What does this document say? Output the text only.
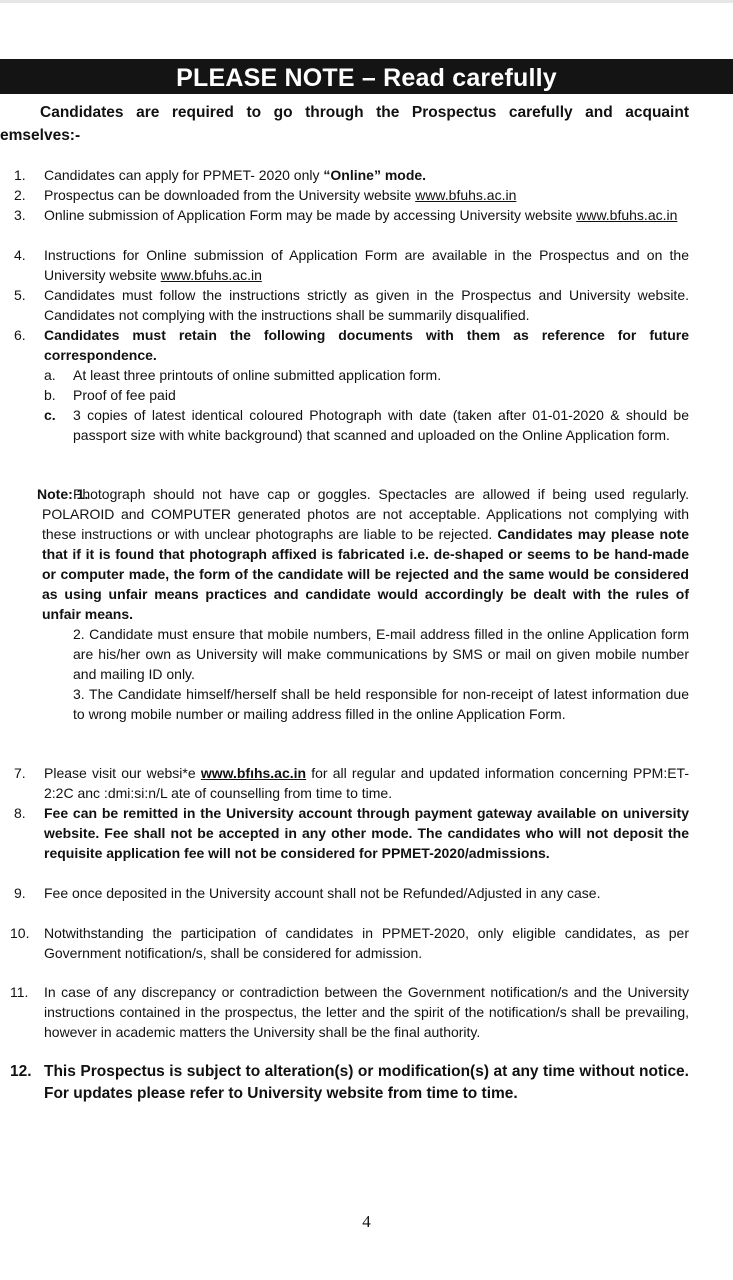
PLEASE NOTE – Read carefully
Candidates are required to go through the Prospectus carefully and acquaint
emselves:-
1. Candidates can apply for PPMET- 2020 only “Online” mode.
2. Prospectus can be downloaded from the University website www.bfuhs.ac.in
3. Online submission of Application Form may be made by accessing University website www.bfuhs.ac.in
4. Instructions for Online submission of Application Form are available in the Prospectus and on the University website www.bfuhs.ac.in
5. Candidates must follow the instructions strictly as given in the Prospectus and University website. Candidates not complying with the instructions shall be summarily disqualified.
6. Candidates must retain the following documents with them as reference for future correspondence.
a. At least three printouts of online submitted application form.
b. Proof of fee paid
c. 3 copies of latest identical coloured Photograph with date (taken after 01-01-2020 & should be passport size with white background) that scanned and uploaded on the Online Application form.
Note: 1.
Photograph should not have cap or goggles. Spectacles are allowed if being used regularly. POLAROID and COMPUTER generated photos are not acceptable. Applications not complying with these instructions or with unclear photographs are liable to be rejected. Candidates may please note that if it is found that photograph affixed is fabricated i.e. de-shaped or seems to be hand-made or computer made, the form of the candidate will be rejected and the same would be considered as using unfair means practices and candidate would accordingly be dealt with the rules of unfair means.
2. Candidate must ensure that mobile numbers, E-mail address filled in the online Application form are his/her own as University will make communications by SMS or mail on given mobile number and mailing ID only.
3. The Candidate himself/herself shall be held responsible for non-receipt of latest information due to wrong mobile number or mailing address filled in the online Application Form.
7. Please visit our websi*e www.bfıhs.ac.in for all regular and updated information concerning PPM:ET-2:2C anc :dmi:si:n/L ate of counselling from time to time.
8. Fee can be remitted in the University account through payment gateway available on university website. Fee shall not be accepted in any other mode. The candidates who will not deposit the requisite application fee will not be considered for PPMET-2020/admissions.
9. Fee once deposited in the University account shall not be Refunded/Adjusted in any case.
10. Notwithstanding the participation of candidates in PPMET-2020, only eligible candidates, as per Government notification/s, shall be considered for admission.
11. In case of any discrepancy or contradiction between the Government notification/s and the University instructions contained in the prospectus, the letter and the spirit of the notification/s shall be prevailing, however in academic matters the University shall be the final authority.
12. This Prospectus is subject to alteration(s) or modification(s) at any time without notice. For updates please refer to University website from time to time.
4
